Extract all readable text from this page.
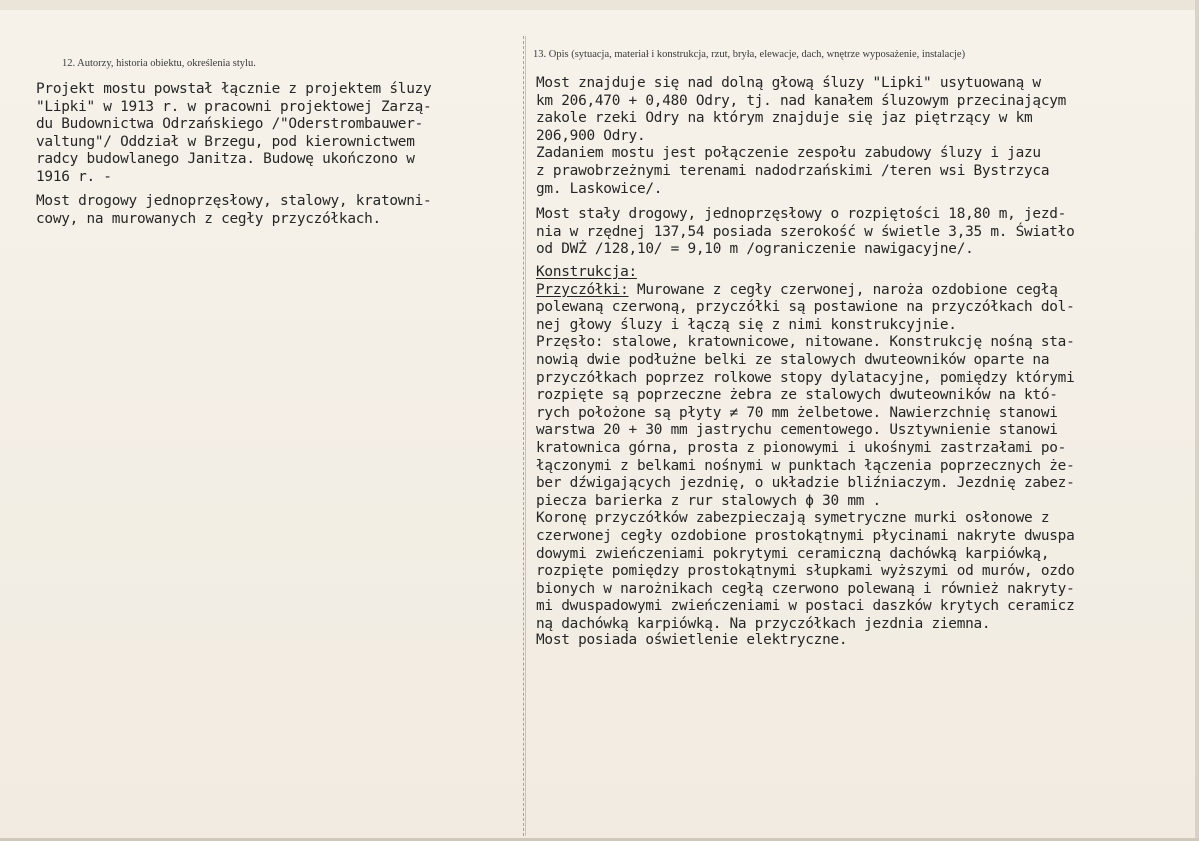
12. Autorzy, historia obiektu, określenia stylu.
Projekt mostu powstał łącznie z projektem śluzy
"Lipki" w 1913 r. w pracowni projektowej Zarzą-
du Budownictwa Odrzańskiego /"Oderstrombauwer-
valtung"/ Oddział w Brzegu, pod kierownictwem
radcy budowlanego Janitza. Budowę ukończono w
1916 r. -
Most drogowy jednoprzęsłowy, stalowy, kratowni-
cowy, na murowanych z cegły przyczółkach.
13. Opis (sytuacja, materiał i konstrukcja, rzut, bryła, elewacje, dach, wnętrze wyposażenie, instalacje)
Most znajduje się nad dolną głową śluzy "Lipki" usytuowaną w
km 206,470 + 0,480 Odry, tj. nad kanałem śluzowym przecinającym
zakole rzeki Odry na którym znajduje się jaz piętrzący w km
206,900 Odry.
Zadaniem mostu jest połączenie zespołu zabudowy śluzy i jazu
z prawobrzeżnymi terenami nadodrzańskimi /teren wsi Bystrzyca
gm. Laskowice/.
Most stały drogowy, jednoprzęsłowy o rozpiętości 18,80 m, jezd-
nia w rzędnej 137,54 posiada szerokość w świetle 3,35 m. Światło
od DWŻ /128,10/ = 9,10 m /ograniczenie nawigacyjne/.
Konstrukcja:
Przyczółki: Murowane z cegły czerwonej, naroża ozdobione cegłą
polewaną czerwoną, przyczółki są postawione na przyczółkach dol-
nej głowy śluzy i łączą się z nimi konstrukcyjnie.
Przęsło: stalowe, kratownicowe, nitowane. Konstrukcję nośną sta-
nowią dwie podłużne belki ze stalowych dwuteowników oparte na
przyczółkach poprzez rolkowe stopy dylatacyjne, pomiędzy którymi
rozpięte są poprzeczne żebra ze stalowych dwuteowników na któ-
rych położone są płyty ≠ 70 mm żelbetowe. Nawierzchnię stanowi
warstwa 20 + 30 mm jastrychu cementowego. Usztywnienie stanowi
kratownica górna, prosta z pionowymi i ukośnymi zastrzałami po-
łączonymi z belkami nośnymi w punktach łączenia poprzecznych że-
ber dźwigających jezdnię, o układzie bliźniaczym. Jezdnię zabez-
piecza barierka z rur stalowych ϕ 30 mm .
Koronę przyczółków zabezpieczają symetryczne murki osłonowe z
czerwonej cegły ozdobione prostokątnymi płycinami nakryte dwuspa
dowymi zwieńczeniami pokrytymi ceramiczną dachówką karpiówką,
rozpięte pomiędzy prostokątnymi słupkami wyższymi od murów, ozdo
bionych w narożnikach cegłą czerwono polewaną i również nakryty-
mi dwuspadowymi zwieńczeniami w postaci daszków krytych ceramicz
ną dachówką karpiówką. Na przyczółkach jezdnia ziemna.
Most posiada oświetlenie elektryczne.
